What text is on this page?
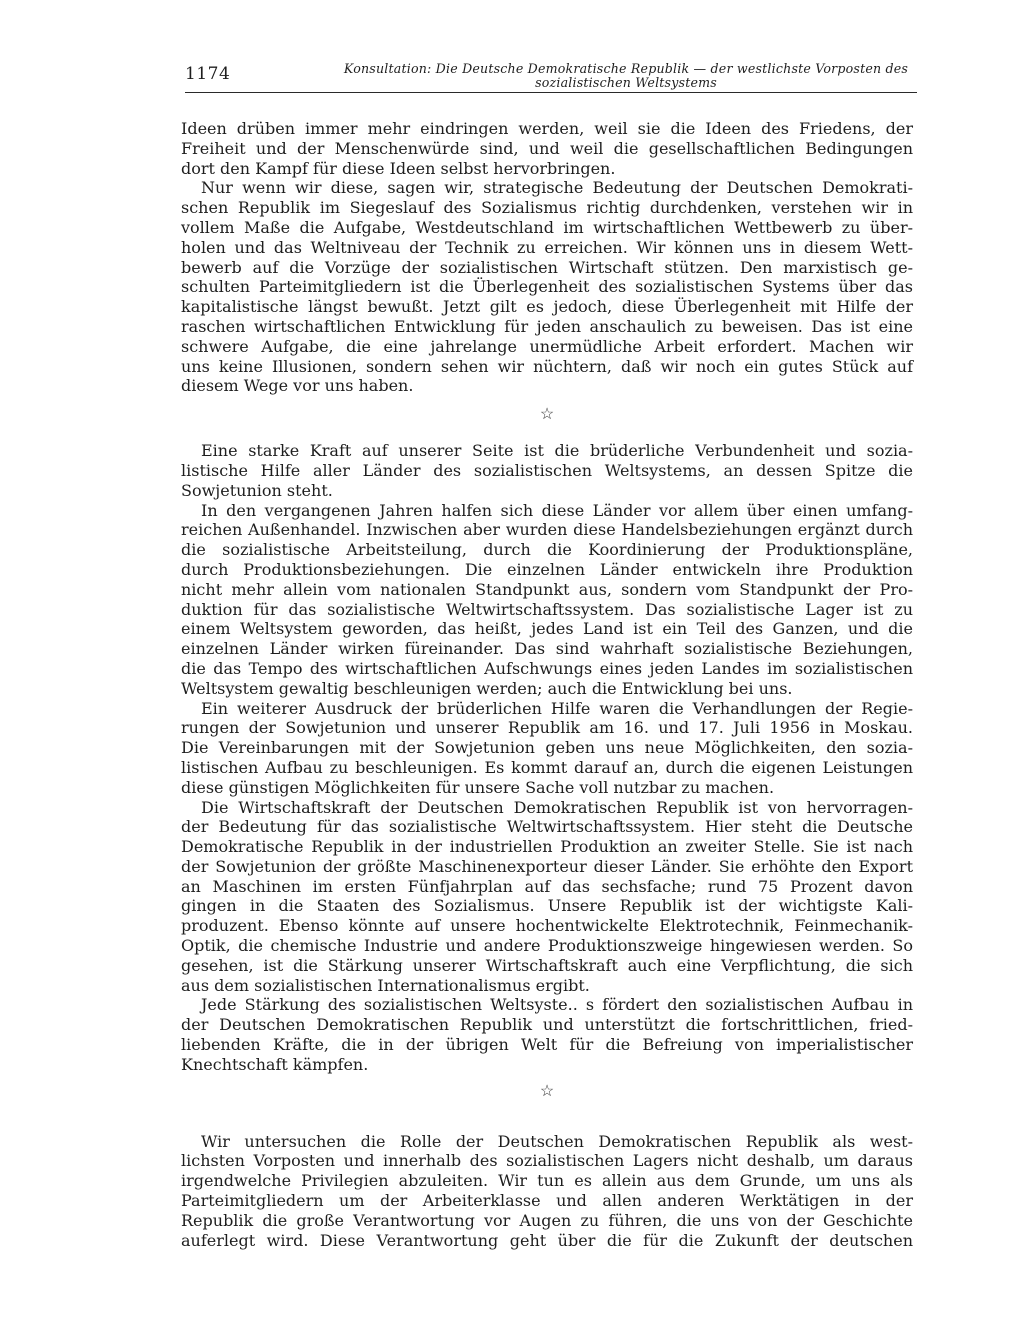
1174	Konsultation: Die Deutsche Demokratische Republik — der westlichste Vorposten des
sozialistischen Weltsystems

Ideen drüben immer mehr eindringen werden, weil sie die Ideen des Friedens, der

Freiheit und der Menschenwürde sind, und weil die gesellschaftlichen Bedingungen

dort den Kampf für diese Ideen selbst hervorbringen.

Nur wenn wir diese, sagen wir, strategische Bedeutung der Deutschen Demokrati-

schen Republik im Siegeslauf des Sozialismus richtig durchdenken, verstehen wir in

vollem Maße die Aufgabe, Westdeutschland im wirtschaftlichen Wettbewerb zu über-

holen und das Weltniveau der Technik zu erreichen. Wir können uns in diesem Wett-

bewerb auf die Vorzüge der sozialistischen Wirtschaft stützen. Den marxistisch ge-

schulten Parteimitgliedern ist die Überlegenheit des sozialistischen Systems über das

kapitalistische längst bewußt. Jetzt gilt es jedoch, diese Überlegenheit mit Hilfe der

raschen wirtschaftlichen Entwicklung für jeden anschaulich zu beweisen. Das ist eine

schwere Aufgabe, die eine jahrelange unermüdliche Arbeit erfordert. Machen wir

uns keine Illusionen, sondern sehen wir nüchtern, daß wir noch ein gutes Stück auf

diesem Wege vor uns haben.

☆

Eine starke Kraft auf unserer Seite ist die brüderliche Verbundenheit und sozia-

listische Hilfe aller Länder des sozialistischen Weltsystems, an dessen Spitze die

Sowjetunion steht.

In den vergangenen Jahren halfen sich diese Länder vor allem über einen umfang-

reichen Außenhandel. Inzwischen aber wurden diese Handelsbeziehungen ergänzt durch

die sozialistische Arbeitsteilung, durch die Koordinierung der Produktionspläne,

durch Produktionsbeziehungen. Die einzelnen Länder entwickeln ihre Produktion

nicht mehr allein vom nationalen Standpunkt aus, sondern vom Standpunkt der Pro-

duktion für das sozialistische Weltwirtschaftssystem. Das sozialistische Lager ist zu

einem Weltsystem geworden, das heißt, jedes Land ist ein Teil des Ganzen, und die

einzelnen Länder wirken füreinander. Das sind wahrhaft sozialistische Beziehungen,

die das Tempo des wirtschaftlichen Aufschwungs eines jeden Landes im sozialistischen

Weltsystem gewaltig beschleunigen werden; auch die Entwicklung bei uns.

Ein weiterer Ausdruck der brüderlichen Hilfe waren die Verhandlungen der Regie-

rungen der Sowjetunion und unserer Republik am 16. und 17. Juli 1956 in Moskau.

Die Vereinbarungen mit der Sowjetunion geben uns neue Möglichkeiten, den sozia-

listischen Aufbau zu beschleunigen. Es kommt darauf an, durch die eigenen Leistungen

diese günstigen Möglichkeiten für unsere Sache voll nutzbar zu machen.

Die Wirtschaftskraft der Deutschen Demokratischen Republik ist von hervorragen-

der Bedeutung für das sozialistische Weltwirtschaftssystem. Hier steht die Deutsche

Demokratische Republik in der industriellen Produktion an zweiter Stelle. Sie ist nach

der Sowjetunion der größte Maschinenexporteur dieser Länder. Sie erhöhte den Export

an Maschinen im ersten Fünfjahrplan auf das sechsfache; rund 75 Prozent davon

gingen in die Staaten des Sozialismus. Unsere Republik ist der wichtigste Kali-

produzent. Ebenso könnte auf unsere hochentwickelte Elektrotechnik, Feinmechanik-

Optik, die chemische Industrie und andere Produktionszweige hingewiesen werden. So

gesehen, ist die Stärkung unserer Wirtschaftskraft auch eine Verpflichtung, die sich

aus dem sozialistischen Internationalismus ergibt.

Jede Stärkung des sozialistischen Weltsyste.. s fördert den sozialistischen Aufbau in

der Deutschen Demokratischen Republik und unterstützt die fortschrittlichen, fried-

liebenden Kräfte, die in der übrigen Welt für die Befreiung von imperialistischer

Knechtschaft kämpfen.

☆

Wir untersuchen die Rolle der Deutschen Demokratischen Republik als west-

lichsten Vorposten und innerhalb des sozialistischen Lagers nicht deshalb, um daraus

irgendwelche Privilegien abzuleiten. Wir tun es allein aus dem Grunde, um uns als

Parteimitgliedern um der Arbeiterklasse und allen anderen Werktätigen in der

Republik die große Verantwortung vor Augen zu führen, die uns von der Geschichte

auferlegt wird. Diese Verantwortung geht über die für die Zukunft der deutschen
